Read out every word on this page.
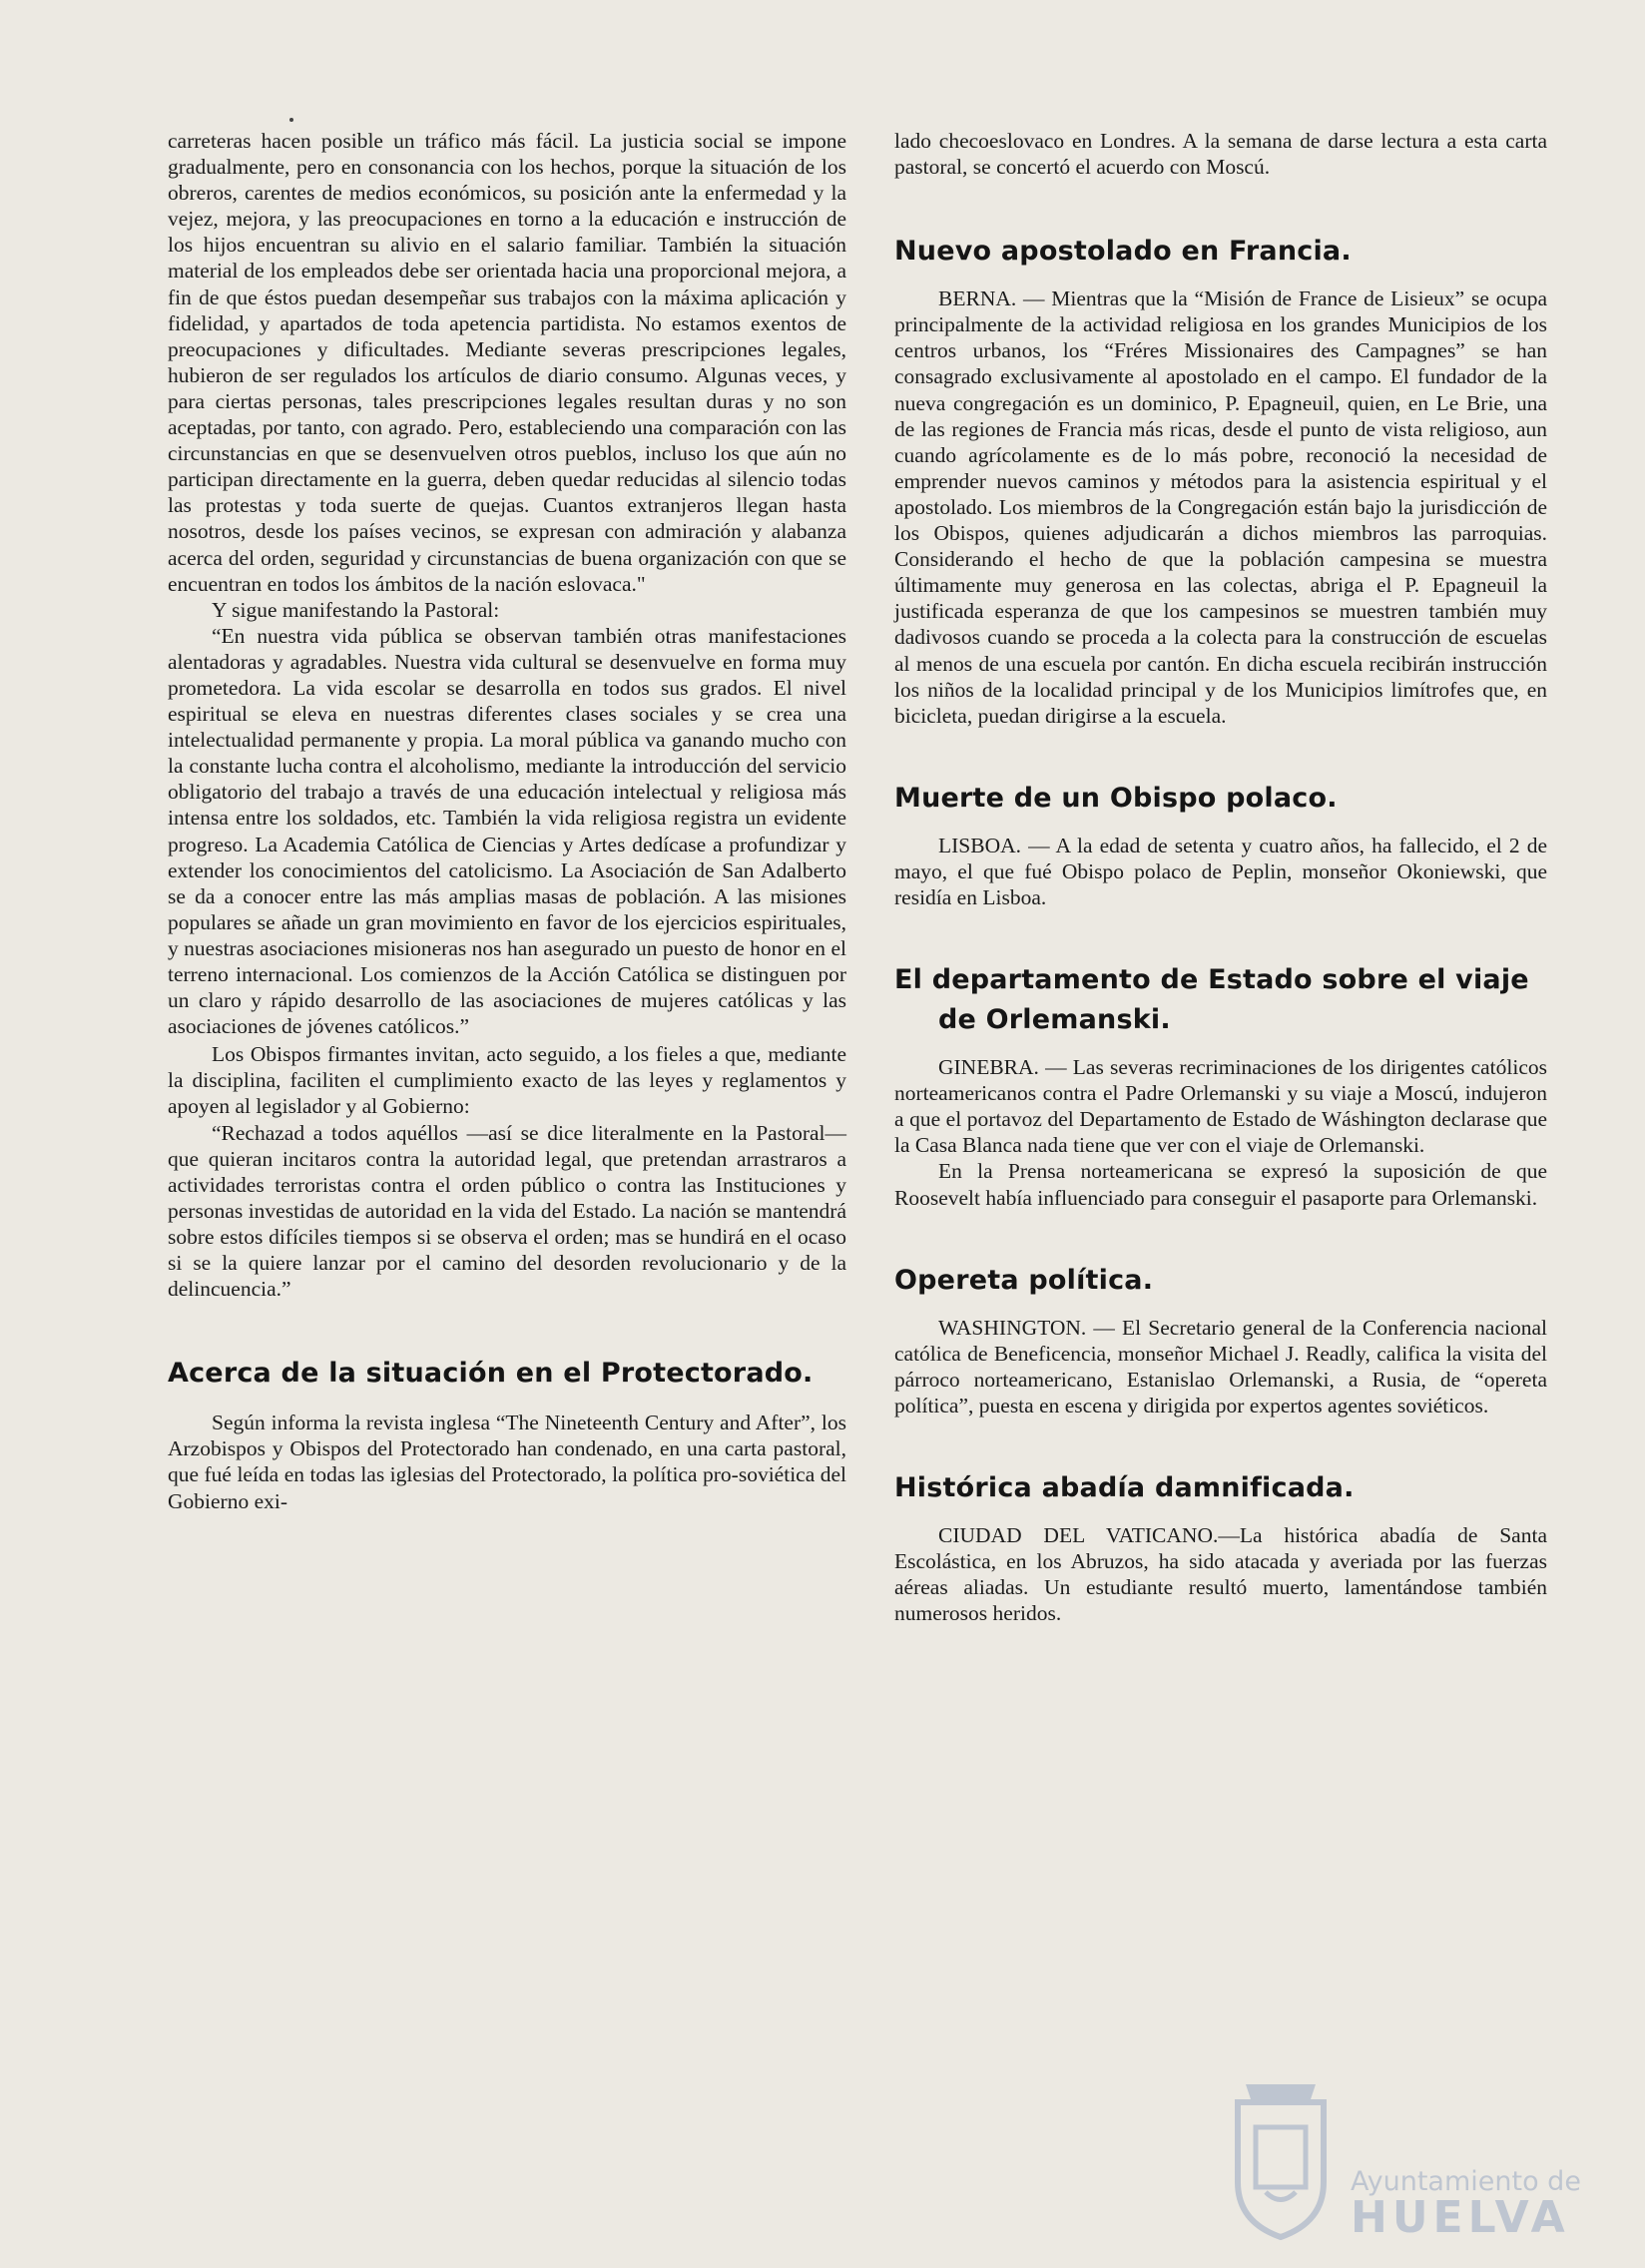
carreteras hacen posible un tráfico más fácil. La justicia social se impone gradualmente, pero en consonancia con los hechos, porque la situación de los obreros, carentes de medios económicos, su posición ante la enfermedad y la vejez, mejora, y las preocupaciones en torno a la educación e instrucción de los hijos encuentran su alivio en el salario familiar. También la situación material de los empleados debe ser orientada hacia una proporcional mejora, a fin de que éstos puedan desempeñar sus trabajos con la máxima aplicación y fidelidad, y apartados de toda apetencia partidista. No estamos exentos de preocupaciones y dificultades. Mediante severas prescripciones legales, hubieron de ser regulados los artículos de diario consumo. Algunas veces, y para ciertas personas, tales prescripciones legales resultan duras y no son aceptadas, por tanto, con agrado. Pero, estableciendo una comparación con las circunstancias en que se desenvuelven otros pueblos, incluso los que aún no participan directamente en la guerra, deben quedar reducidas al silencio todas las protestas y toda suerte de quejas. Cuantos extranjeros llegan hasta nosotros, desde los países vecinos, se expresan con admiración y alabanza acerca del orden, seguridad y circunstancias de buena organización con que se encuentran en todos los ámbitos de la nación eslovaca."

Y sigue manifestando la Pastoral:

“En nuestra vida pública se observan también otras manifestaciones alentadoras y agradables. Nuestra vida cultural se desenvuelve en forma muy prometedora. La vida escolar se desarrolla en todos sus grados. El nivel espiritual se eleva en nuestras diferentes clases sociales y se crea una intelectualidad permanente y propia. La moral pública va ganando mucho con la constante lucha contra el alcoholismo, mediante la introducción del servicio obligatorio del trabajo a través de una educación intelectual y religiosa más intensa entre los soldados, etc. También la vida religiosa registra un evidente progreso. La Academia Católica de Ciencias y Artes dedícase a profundizar y extender los conocimientos del catolicismo. La Asociación de San Adalberto se da a conocer entre las más amplias masas de población. A las misiones populares se añade un gran movimiento en favor de los ejercicios espirituales, y nuestras asociaciones misioneras nos han asegurado un puesto de honor en el terreno internacional. Los comienzos de la Acción Católica se distinguen por un claro y rápido desarrollo de las asociaciones de mujeres católicas y las asociaciones de jóvenes católicos.”

Los Obispos firmantes invitan, acto seguido, a los fieles a que, mediante la disciplina, faciliten el cumplimiento exacto de las leyes y reglamentos y apoyen al legislador y al Gobierno:

“Rechazad a todos aquéllos —así se dice literalmente en la Pastoral— que quieran incitaros contra la autoridad legal, que pretendan arrastraros a actividades terroristas contra el orden público o contra las Instituciones y personas investidas de autoridad en la vida del Estado. La nación se mantendrá sobre estos difíciles tiempos si se observa el orden; mas se hundirá en el ocaso si se la quiere lanzar por el camino del desorden revolucionario y de la delincuencia.”

Acerca de la situación en el Protectorado.

Según informa la revista inglesa “The Nineteenth Century and After”, los Arzobispos y Obispos del Protectorado han condenado, en una carta pastoral, que fué leída en todas las iglesias del Protectorado, la política pro-soviética del Gobierno exi-

lado checoeslovaco en Londres. A la semana de darse lectura a esta carta pastoral, se concertó el acuerdo con Moscú.

Nuevo apostolado en Francia.

BERNA. — Mientras que la “Misión de France de Lisieux” se ocupa principalmente de la actividad religiosa en los grandes Municipios de los centros urbanos, los “Fréres Missionaires des Campagnes” se han consagrado exclusivamente al apostolado en el campo. El fundador de la nueva congregación es un dominico, P. Epagneuil, quien, en Le Brie, una de las regiones de Francia más ricas, desde el punto de vista religioso, aun cuando agrícolamente es de lo más pobre, reconoció la necesidad de emprender nuevos caminos y métodos para la asistencia espiritual y el apostolado. Los miembros de la Congregación están bajo la jurisdicción de los Obispos, quienes adjudicarán a dichos miembros las parroquias. Considerando el hecho de que la población campesina se muestra últimamente muy generosa en las colectas, abriga el P. Epagneuil la justificada esperanza de que los campesinos se muestren también muy dadivosos cuando se proceda a la colecta para la construcción de escuelas al menos de una escuela por cantón. En dicha escuela recibirán instrucción los niños de la localidad principal y de los Municipios limítrofes que, en bicicleta, puedan dirigirse a la escuela.

Muerte de un Obispo polaco.

LISBOA. — A la edad de setenta y cuatro años, ha fallecido, el 2 de mayo, el que fué Obispo polaco de Peplin, monseñor Okoniewski, que residía en Lisboa.

El departamento de Estado sobre el viaje
de Orlemanski.

GINEBRA. — Las severas recriminaciones de los dirigentes católicos norteamericanos contra el Padre Orlemanski y su viaje a Moscú, indujeron a que el portavoz del Departamento de Estado de Wáshington declarase que la Casa Blanca nada tiene que ver con el viaje de Orlemanski.

En la Prensa norteamericana se expresó la suposición de que Roosevelt había influenciado para conseguir el pasaporte para Orlemanski.

Opereta política.

WASHINGTON. — El Secretario general de la Conferencia nacional católica de Beneficencia, monseñor Michael J. Readly, califica la visita del párroco norteamericano, Estanislao Orlemanski, a Rusia, de “opereta política”, puesta en escena y dirigida por expertos agentes soviéticos.

Histórica abadía damnificada.

CIUDAD DEL VATICANO.—La histórica abadía de Santa Escolástica, en los Abruzos, ha sido atacada y averiada por las fuerzas aéreas aliadas. Un estudiante resultó muerto, lamentándose también numerosos heridos.

Ayuntamiento de
HUELVA
